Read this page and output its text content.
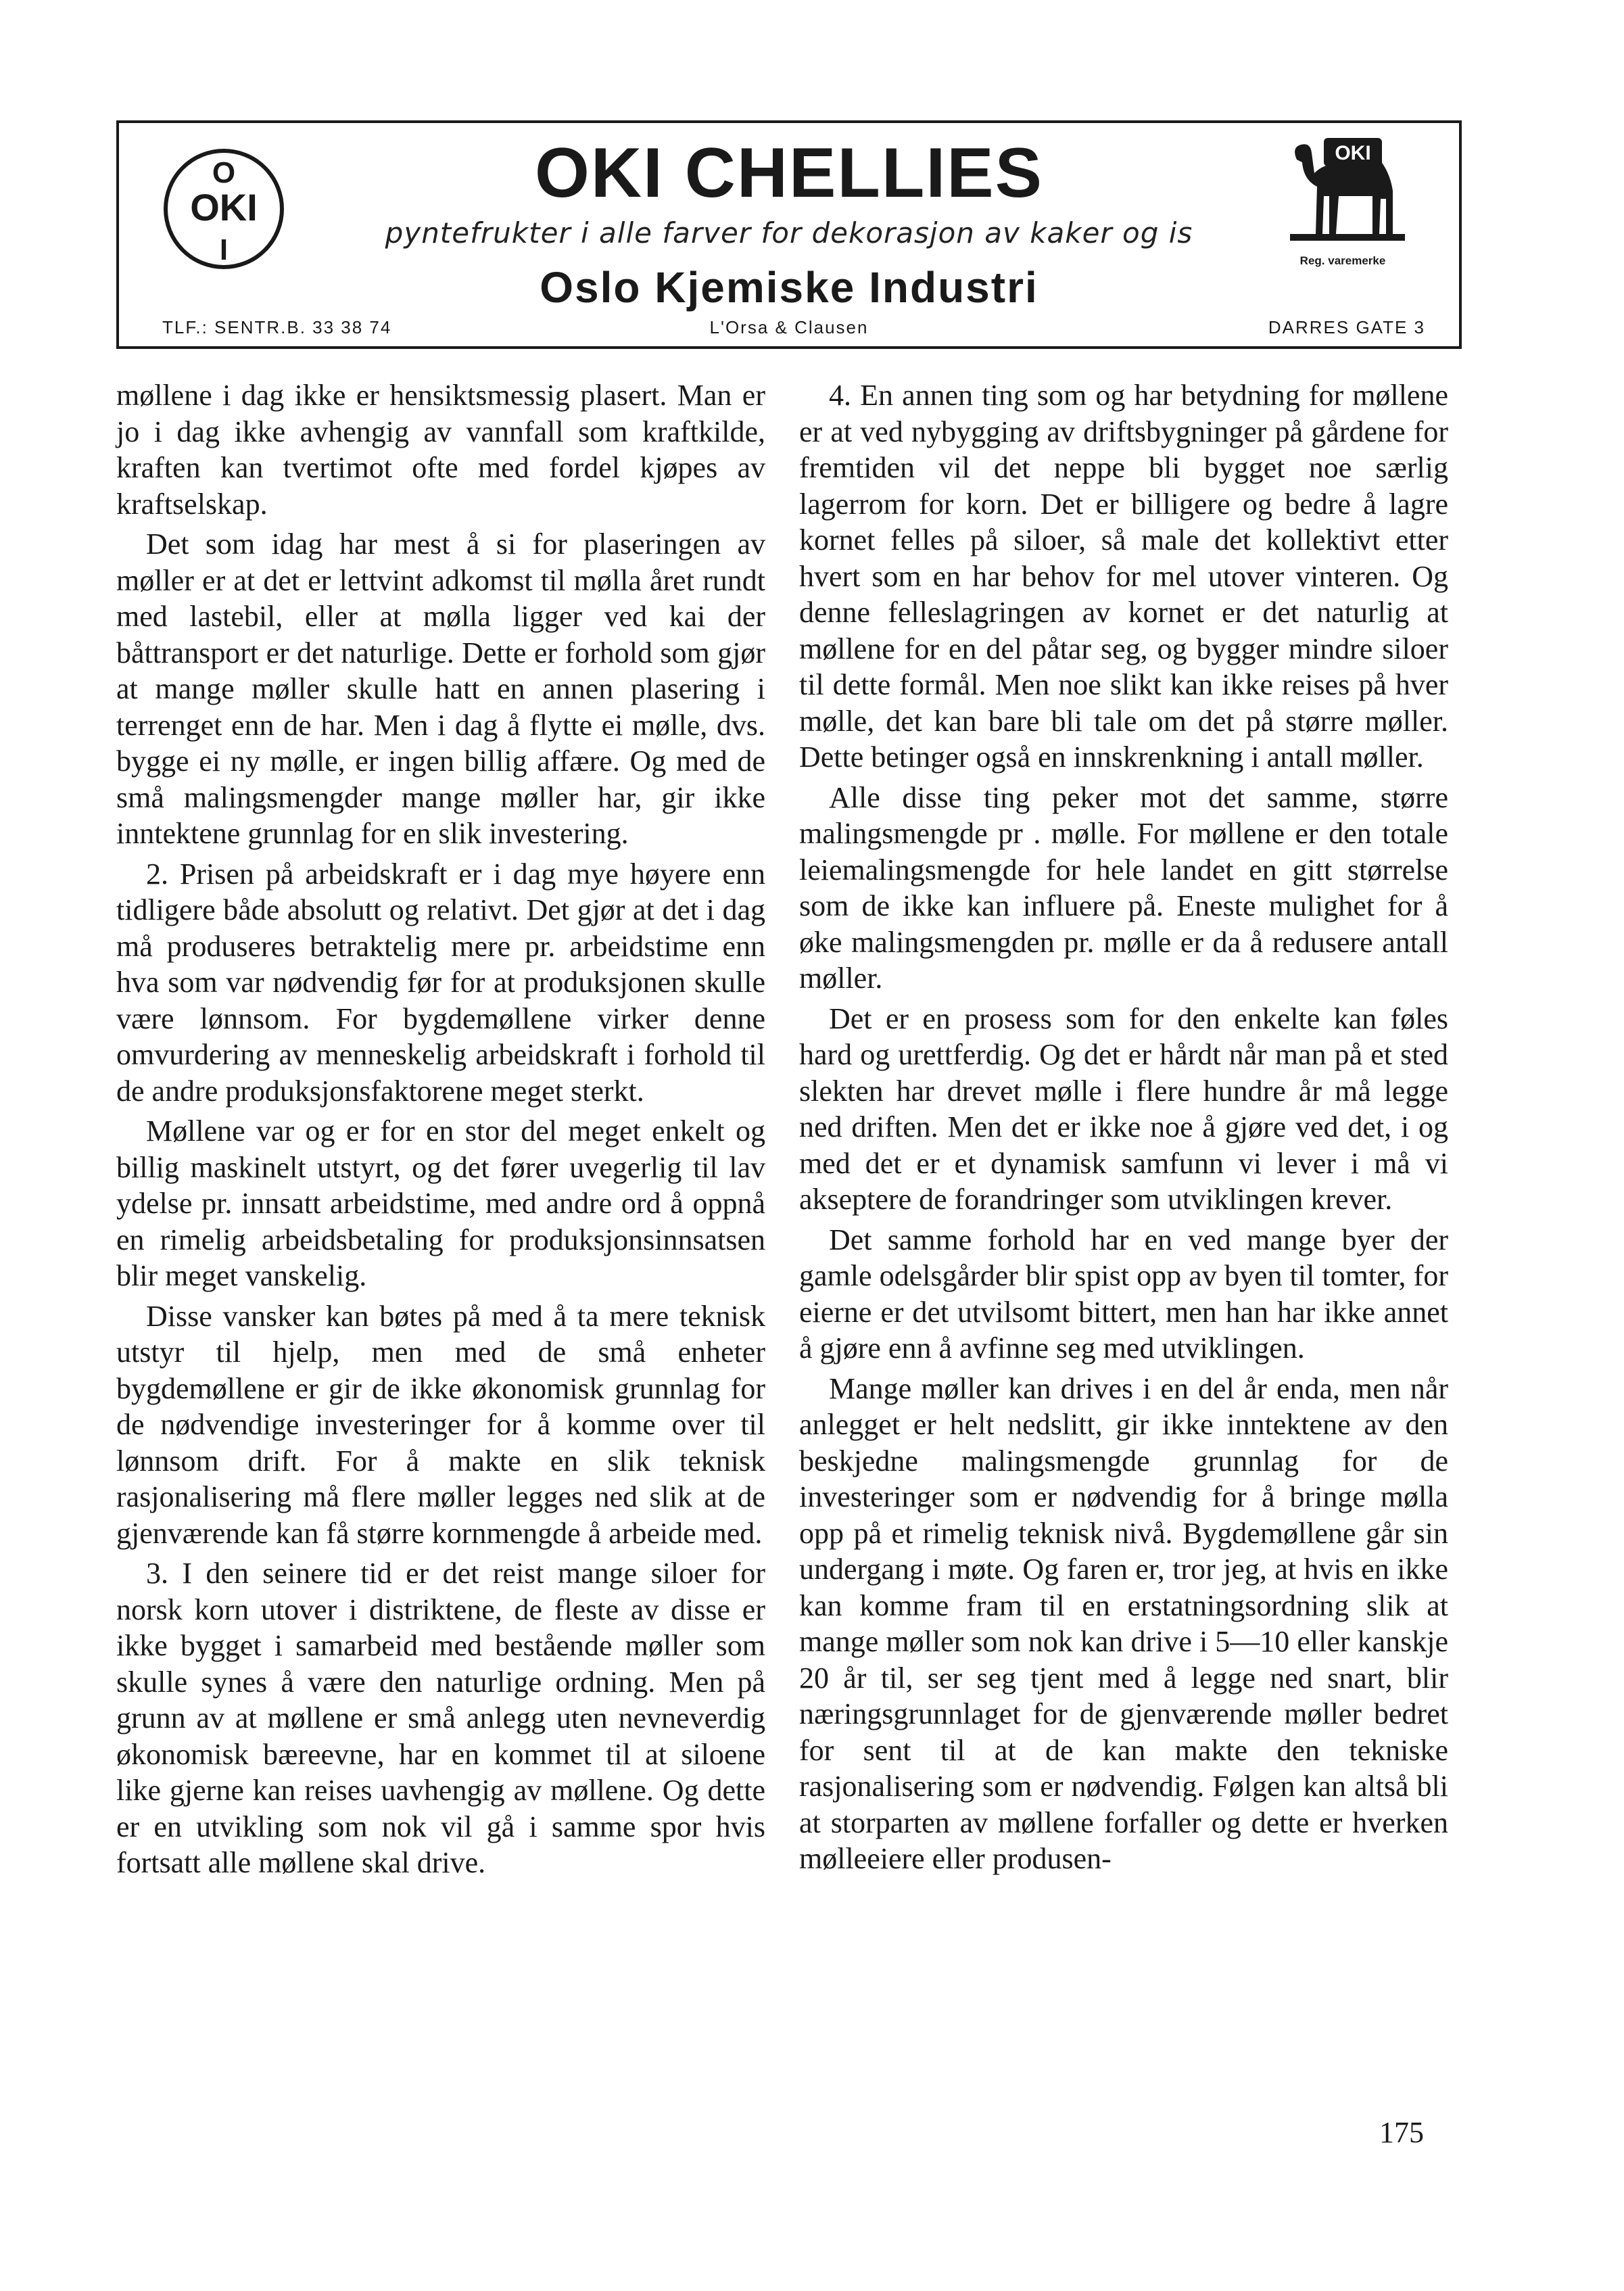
O
OKI
I
OKI CHELLIES
pyntefrukter i alle farver for dekorasjon av kaker og is
Oslo Kjemiske Industri
OKI
Reg. varemerke
TLF.: SENTR.B. 33 38 74	L'Orsa & Clausen	DARRES GATE 3

møllene i dag ikke er hensiktsmessig plasert. Man er jo i dag ikke avhengig av vannfall som kraftkilde, kraften kan tvertimot ofte med fordel kjøpes av kraftselskap.

Det som idag har mest å si for plaseringen av møller er at det er lettvint adkomst til mølla året rundt med lastebil, eller at mølla ligger ved kai der båttransport er det naturlige. Dette er forhold som gjør at mange møller skulle hatt en annen plasering i terrenget enn de har. Men i dag å flytte ei mølle, dvs. bygge ei ny mølle, er ingen billig affære. Og med de små malingsmengder mange møller har, gir ikke inntektene grunnlag for en slik investering.

2. Prisen på arbeidskraft er i dag mye høyere enn tidligere både absolutt og relativt. Det gjør at det i dag må produseres betraktelig mere pr. arbeidstime enn hva som var nødvendig før for at produksjonen skulle være lønnsom. For bygdemøllene virker denne omvurdering av menneskelig arbeidskraft i forhold til de andre produksjonsfaktorene meget sterkt.

Møllene var og er for en stor del meget enkelt og billig maskinelt utstyrt, og det fører uvegerlig til lav ydelse pr. innsatt arbeidstime, med andre ord å oppnå en rimelig arbeidsbetaling for produksjonsinnsatsen blir meget vanskelig.

Disse vansker kan bøtes på med å ta mere teknisk utstyr til hjelp, men med de små enheter bygdemøllene er gir de ikke økonomisk grunnlag for de nødvendige investeringer for å komme over til lønnsom drift. For å makte en slik teknisk rasjonalisering må flere møller legges ned slik at de gjenværende kan få større kornmengde å arbeide med.

3. I den seinere tid er det reist mange siloer for norsk korn utover i distriktene, de fleste av disse er ikke bygget i samarbeid med bestående møller som skulle synes å være den naturlige ordning. Men på grunn av at møllene er små anlegg uten nevneverdig økonomisk bæreevne, har en kommet til at siloene like gjerne kan reises uavhengig av møllene. Og dette er en utvikling som nok vil gå i samme spor hvis fortsatt alle møllene skal drive.

4. En annen ting som og har betydning for møllene er at ved nybygging av driftsbygninger på gårdene for fremtiden vil det neppe bli bygget noe særlig lagerrom for korn. Det er billigere og bedre å lagre kornet felles på siloer, så male det kollektivt etter hvert som en har behov for mel utover vinteren. Og denne felleslagringen av kornet er det naturlig at møllene for en del påtar seg, og bygger mindre siloer til dette formål. Men noe slikt kan ikke reises på hver mølle, det kan bare bli tale om det på større møller. Dette betinger også en innskrenkning i antall møller.

Alle disse ting peker mot det samme, større malingsmengde pr . mølle. For møllene er den totale leiemalingsmengde for hele landet en gitt størrelse som de ikke kan influere på. Eneste mulighet for å øke malingsmengden pr. mølle er da å redusere antall møller.

Det er en prosess som for den enkelte kan føles hard og urettferdig. Og det er hårdt når man på et sted slekten har drevet mølle i flere hundre år må legge ned driften. Men det er ikke noe å gjøre ved det, i og med det er et dynamisk samfunn vi lever i må vi akseptere de forandringer som utviklingen krever.

Det samme forhold har en ved mange byer der gamle odelsgårder blir spist opp av byen til tomter, for eierne er det utvilsomt bittert, men han har ikke annet å gjøre enn å avfinne seg med utviklingen.

Mange møller kan drives i en del år enda, men når anlegget er helt nedslitt, gir ikke inntektene av den beskjedne malingsmengde grunnlag for de investeringer som er nødvendig for å bringe mølla opp på et rimelig teknisk nivå. Bygdemøllene går sin undergang i møte. Og faren er, tror jeg, at hvis en ikke kan komme fram til en erstatningsordning slik at mange møller som nok kan drive i 5—10 eller kanskje 20 år til, ser seg tjent med å legge ned snart, blir næringsgrunnlaget for de gjenværende møller bedret for sent til at de kan makte den tekniske rasjonalisering som er nødvendig. Følgen kan altså bli at storparten av møllene forfaller og dette er hverken mølleeiere eller produsen-

175
